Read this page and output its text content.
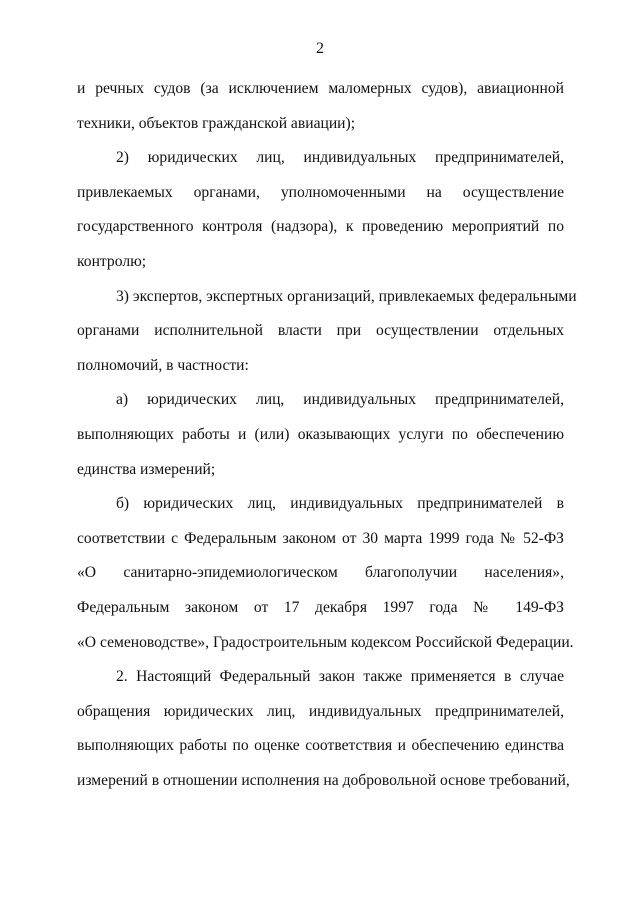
2
и речных судов (за исключением маломерных судов), авиационной
техники, объектов гражданской авиации);
2) юридических лиц, индивидуальных предпринимателей,
привлекаемых органами, уполномоченными на осуществление
государственного контроля (надзора), к проведению мероприятий по
контролю;
3) экспертов, экспертных организаций, привлекаемых федеральными
органами исполнительной власти при осуществлении отдельных
полномочий, в частности:
а) юридических лиц, индивидуальных предпринимателей,
выполняющих работы и (или) оказывающих услуги по обеспечению
единства измерений;
б) юридических лиц, индивидуальных предпринимателей в
соответствии с Федеральным законом от 30 марта 1999 года № 52-ФЗ
«О санитарно-эпидемиологическом благополучии населения»,
Федеральным законом от 17 декабря 1997 года № 149-ФЗ
«О семеноводстве», Градостроительным кодексом Российской Федерации.
2. Настоящий Федеральный закон также применяется в случае
обращения юридических лиц, индивидуальных предпринимателей,
выполняющих работы по оценке соответствия и обеспечению единства
измерений в отношении исполнения на добровольной основе требований,
